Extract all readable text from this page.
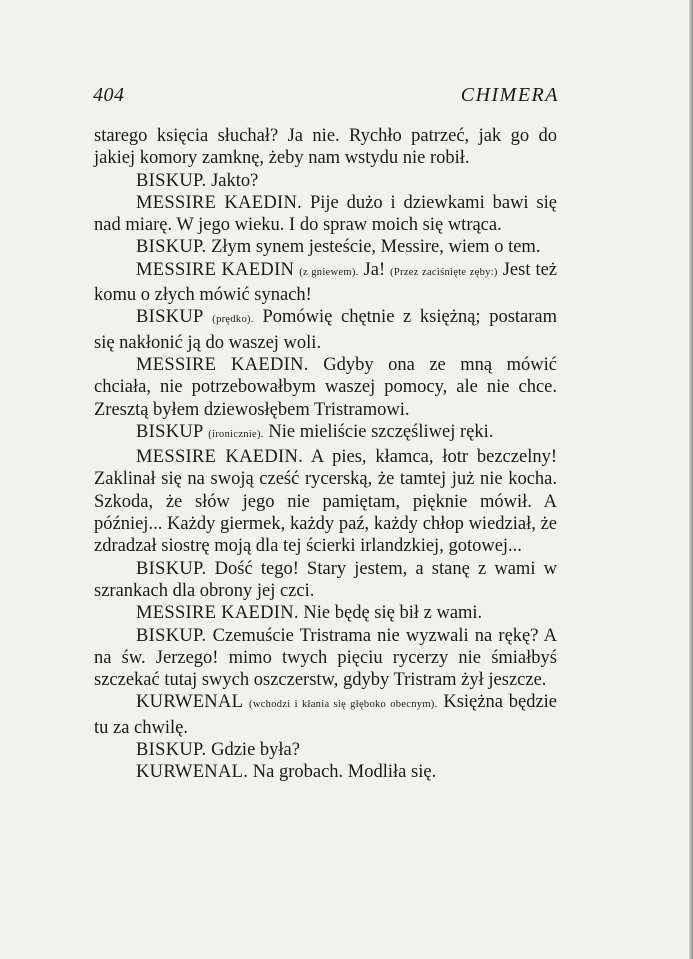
404	CHIMERA

starego księcia słuchał? Ja nie. Rychło patrzeć, jak go do jakiej komory zamknę, żeby nam wstydu nie robił.

BISKUP. Jakto?

MESSIRE KAEDIN. Pije dużo i dziewkami bawi się nad miarę. W jego wieku. I do spraw moich się wtrąca.

BISKUP. Złym synem jesteście, Messire, wiem o tem.

MESSIRE KAEDIN (z gniewem). Ja! (Przez zaciśnięte zęby:) Jest też komu o złych mówić synach!

BISKUP (prędko). Pomówię chętnie z księżną; postaram się nakłonić ją do waszej woli.

MESSIRE KAEDIN. Gdyby ona ze mną mówić chciała, nie potrzebowałbym waszej pomocy, ale nie chce. Zresztą byłem dziewosłębem Tristramowi.

BISKUP (ironicznie). Nie mieliście szczęśliwej ręki.

MESSIRE KAEDIN. A pies, kłamca, łotr bezczelny! Zaklinał się na swoją cześć rycerską, że tamtej już nie kocha. Szkoda, że słów jego nie pamiętam, pięknie mówił. A później... Każdy giermek, każdy paź, każdy chłop wiedział, że zdradzał siostrę moją dla tej ścierki irlandzkiej, gotowej...

BISKUP. Dość tego! Stary jestem, a stanę z wami w szrankach dla obrony jej czci.

MESSIRE KAEDIN. Nie będę się bił z wami.

BISKUP. Czemuście Tristrama nie wyzwali na rękę? A na św. Jerzego! mimo twych pięciu rycerzy nie śmiałbyś szczekać tutaj swych oszczerstw, gdyby Tristram żył jeszcze.

KURWENAL (wchodzi i kłania się głęboko obecnym). Księżna będzie tu za chwilę.

BISKUP. Gdzie była?

KURWENAL. Na grobach. Modliła się.
